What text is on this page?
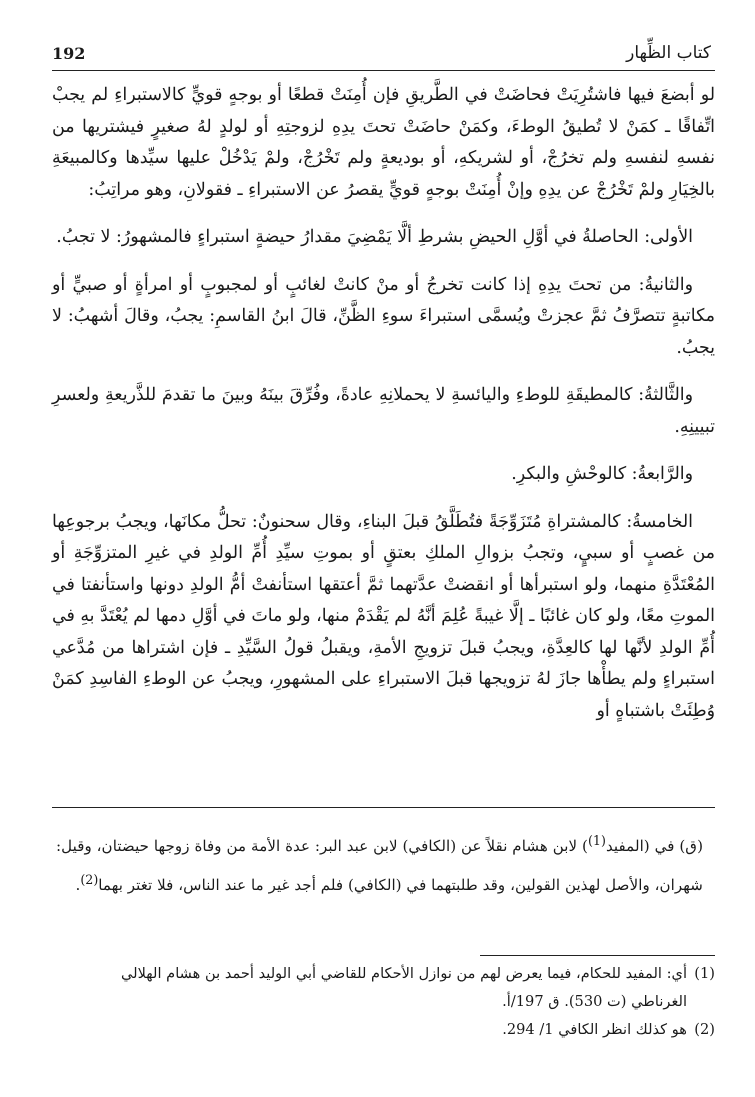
192	كتاب الظِّهار

لو أبضعَ فيها فاشتُرِيَتْ فحاضَتْ في الطَّريقِ فإن أُمِنَتْ قطعًا أو بوجهٍ قويٍّ كالاستبراءِ لم يجبْ اتِّفاقًا ـ كمَنْ لا تُطيقُ الوطءَ، وكمَنْ حاضَتْ تحتَ يدِهِ لزوجتِهِ أو لولدٍ لهُ صغيرٍ فيشتريها من نفسهِ لنفسهِ ولم تخرُجْ، أو لشريكهِ، أو بوديعةٍ ولم تَخْرُجْ، ولمْ يَدْخُلْ عليها سيِّدها وكالمبيعَةِ بالخِيَارِ ولمْ تَخْرُجْ عن يدِهِ وإنْ أُمِنَتْ بوجهٍ قويٍّ يقصرُ عن الاستبراءِ ـ فقولانِ، وهو مراتِبُ:

الأولى: الحاصلةُ في أوَّلِ الحيضِ بشرطِ ألَّا يَمْضِيَ مقدارُ حيضةٍ استبراءٍ فالمشهورُ: لا تجبُ.

والثانيةُ: من تحتَ يدِهِ إذا كانت تخرجُ أو منْ كانتْ لغائبٍ أو لمجبوبٍ أو امرأةٍ أو صبيٍّ أو مكاتبةٍ تتصرَّفُ ثمَّ عجزتْ ويُسمَّى استبراءَ سوءِ الظَّنِّ، قالَ ابنُ القاسمِ: يجبُ، وقالَ أشهبُ: لا يجبُ.

والثَّالثةُ: كالمطيقَةِ للوطءِ واليائسةِ لا يحملانِهِ عادةً، وفُرِّقَ بينَهُ وبينَ ما تقدمَ للذَّريعةِ ولعسرِ تبيينِهِ.

والرَّابعةُ: كالوحْشِ والبكرِ.

الخامسةُ: كالمشتراةِ مُتَزَوِّجَةً فتُطَلَّقُ قبلَ البناءِ، وقال سحنونٌ: تحلُّ مكانَها، ويجبُ برجوعِها من غصبٍ أو سبيٍ، وتجبُ بزوالِ الملكِ بعتقٍ أو بموتِ سيِّدِ أُمِّ الولدِ في غيرِ المتزوِّجَةِ أو المُعْتَدَّةِ منهما، ولو استبرأها أو انقضتْ عدَّتهما ثمَّ أعتقها استأنفتْ أمُّ الولدِ دونها واستأنفتا في الموتِ معًا، ولو كان غائبًا ـ إلَّا غيبةً عُلِمَ أنَّهُ لم يَقْدَمْ منها، ولو ماتَ في أوَّلِ دمها لم يُعْتَدَّ بهِ في أُمِّ الولدِ لأنَّها لها كالعِدَّةِ، ويجبُ قبلَ تزويجِ الأمةِ، ويقبلُ قولُ السَّيِّدِ ـ فإن اشتراها من مُدَّعي استبراءٍ ولم يطأْها جازَ لهُ تزويجها قبلَ الاستبراءِ على المشهورِ، ويجبُ عن الوطءِ الفاسِدِ كمَنْ وُطِئَتْ باشتباهٍ أو

(ق) في (المفيد$^{(1)}$) لابن هشام نقلاً عن (الكافي) لابن عبد البر: عدة الأمة من وفاة زوجها حيضتان، وقيل: شهران، والأصل لهذين القولين، وقد طلبتهما في (الكافي) فلم أجد غير ما عند الناس، فلا تغتر بهما$^{(2)}$.
(1)
أي: المفيد للحكام، فيما يعرض لهم من نوازل الأحكام للقاضي أبي الوليد أحمد بن هشام الهلالي
الغرناطي (ت 530). ق 197/أ.
(2)
هو كذلك انظر الكافي 1/ 294.
